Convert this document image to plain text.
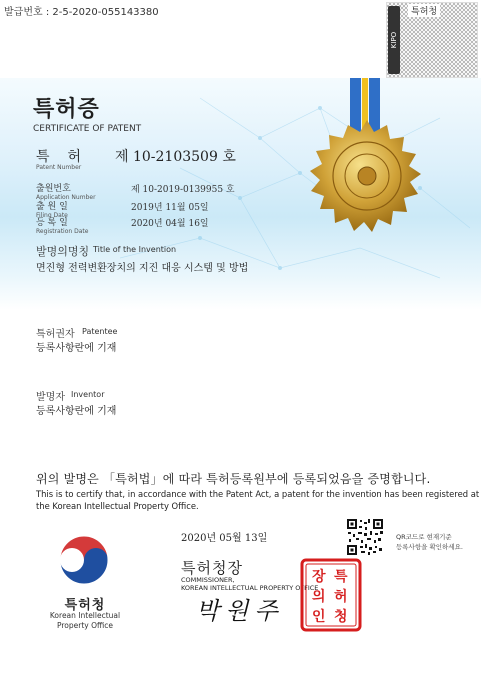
발급번호 : 2-5-2020-055143380
KIPO
특허청
특허증
CERTIFICATE OF PATENT
특허
Patent Number
제 10-2103509 호
출원번호
Application Number
제 10-2019-0139955 호
출 원 일
Filing Date
2019년 11월 05일
등 록 일
Registration Date
2020년 04월 16일
발명의명칭 Title of the Invention
면진형 전력변환장치의 지진 대응 시스템 및 방법
특허권자 Patentee
등록사항란에 기재
발명자 Inventor
등록사항란에 기재
위의 발명은 「특허법」에 따라 특허등록원부에 등록되었음을 증명합니다.
This is to certify that, in accordance with the Patent Act, a patent for the invention has been registered at the Korean Intellectual Property Office.
2020년 05월 13일	QR코드로 현재기준
등록사항을 확인하세요.
특허청장
COMMISSIONER,
KOREAN INTELLECTUAL PROPERTY OFFICE
박원주
특
허
청
장
의
인
특허청
Korean Intellectual
Property Office
